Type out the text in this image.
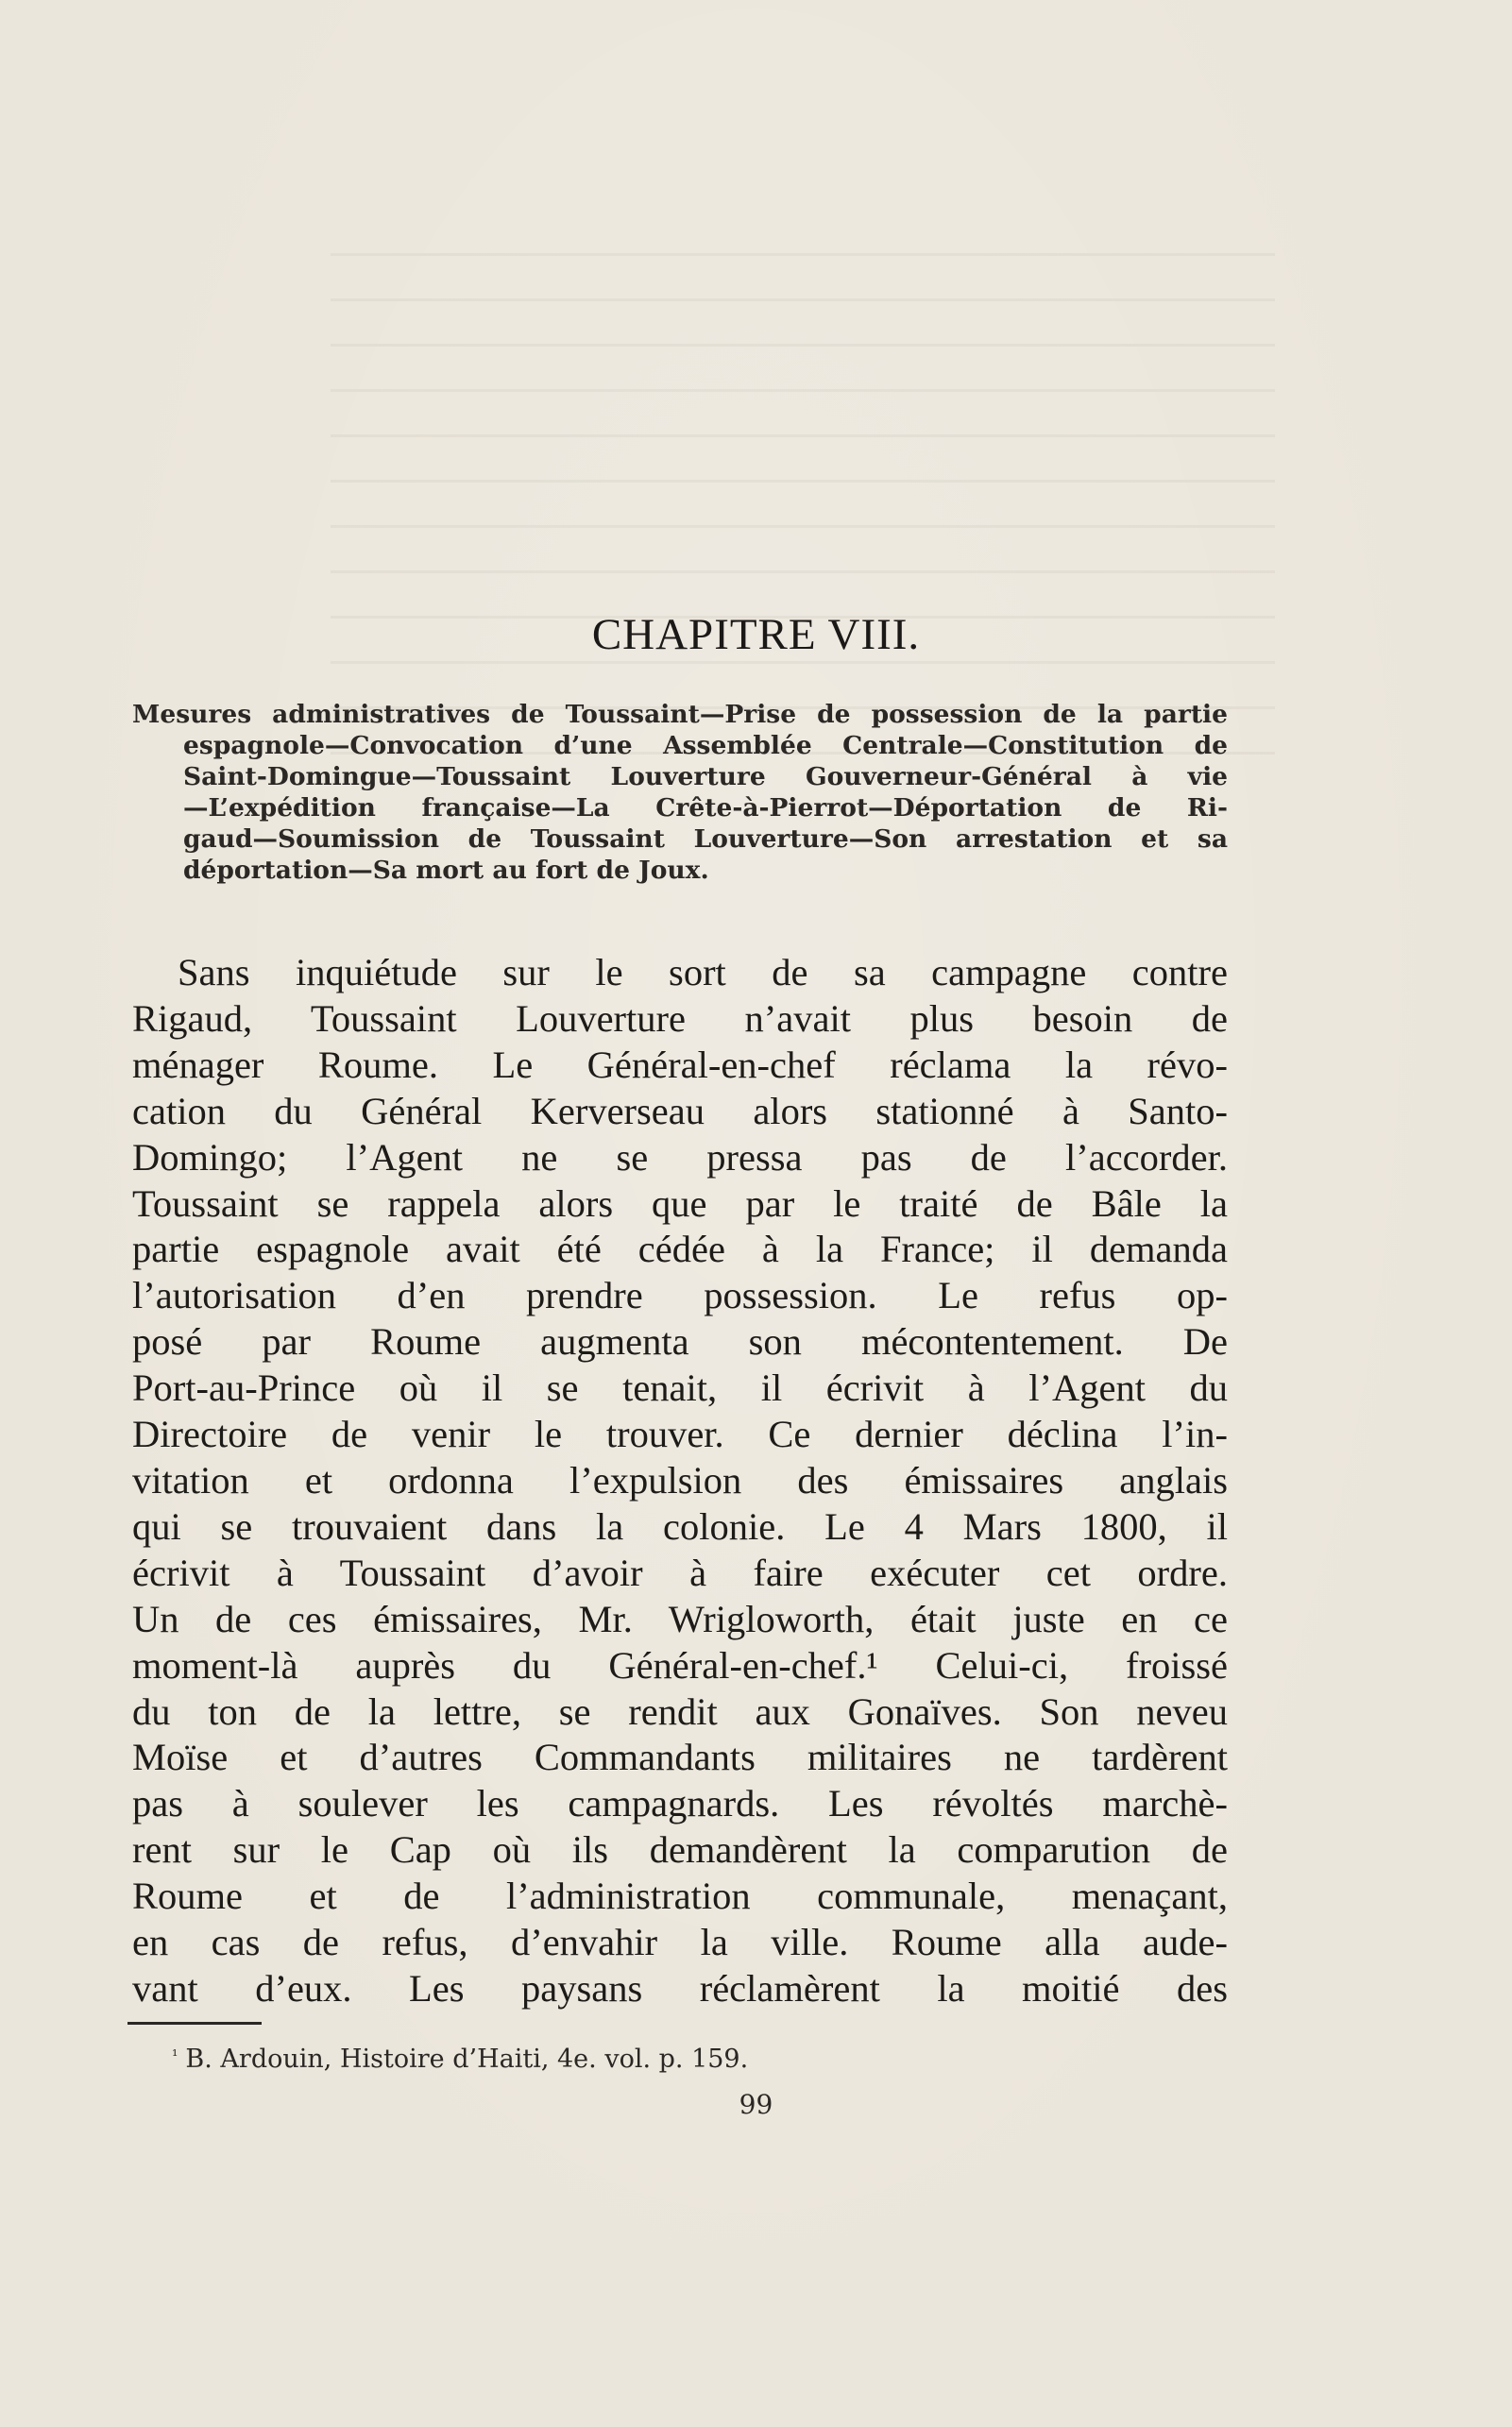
CHAPITRE VIII.
Mesures administratives de Toussaint—Prise de possession de la partie
espagnole—Convocation d’une Assemblée Centrale—Constitution de
Saint-Domingue—Toussaint Louverture Gouverneur-Général à vie
—L’expédition française—La Crête-à-Pierrot—Déportation de Ri-
gaud—Soumission de Toussaint Louverture—Son arrestation et sa
déportation—Sa mort au fort de Joux.
Sans inquiétude sur le sort de sa campagne contre
Rigaud, Toussaint Louverture n’avait plus besoin de
ménager Roume. Le Général-en-chef réclama la révo-
cation du Général Kerverseau alors stationné à Santo-
Domingo; l’Agent ne se pressa pas de l’accorder.
Toussaint se rappela alors que par le traité de Bâle la
partie espagnole avait été cédée à la France; il demanda
l’autorisation d’en prendre possession. Le refus op-
posé par Roume augmenta son mécontentement. De
Port-au-Prince où il se tenait, il écrivit à l’Agent du
Directoire de venir le trouver. Ce dernier déclina l’in-
vitation et ordonna l’expulsion des émissaires anglais
qui se trouvaient dans la colonie. Le 4 Mars 1800, il
écrivit à Toussaint d’avoir à faire exécuter cet ordre.
Un de ces émissaires, Mr. Wrigloworth, était juste en ce
moment-là auprès du Général-en-chef.¹ Celui-ci, froissé
du ton de la lettre, se rendit aux Gonaïves. Son neveu
Moïse et d’autres Commandants militaires ne tardèrent
pas à soulever les campagnards. Les révoltés marchè-
rent sur le Cap où ils demandèrent la comparution de
Roume et de l’administration communale, menaçant,
en cas de refus, d’envahir la ville. Roume alla aude-
vant d’eux. Les paysans réclamèrent la moitié des
$^{^1}$ B. Ardouin, Histoire d’Haiti, 4e. vol. p. 159.
99
